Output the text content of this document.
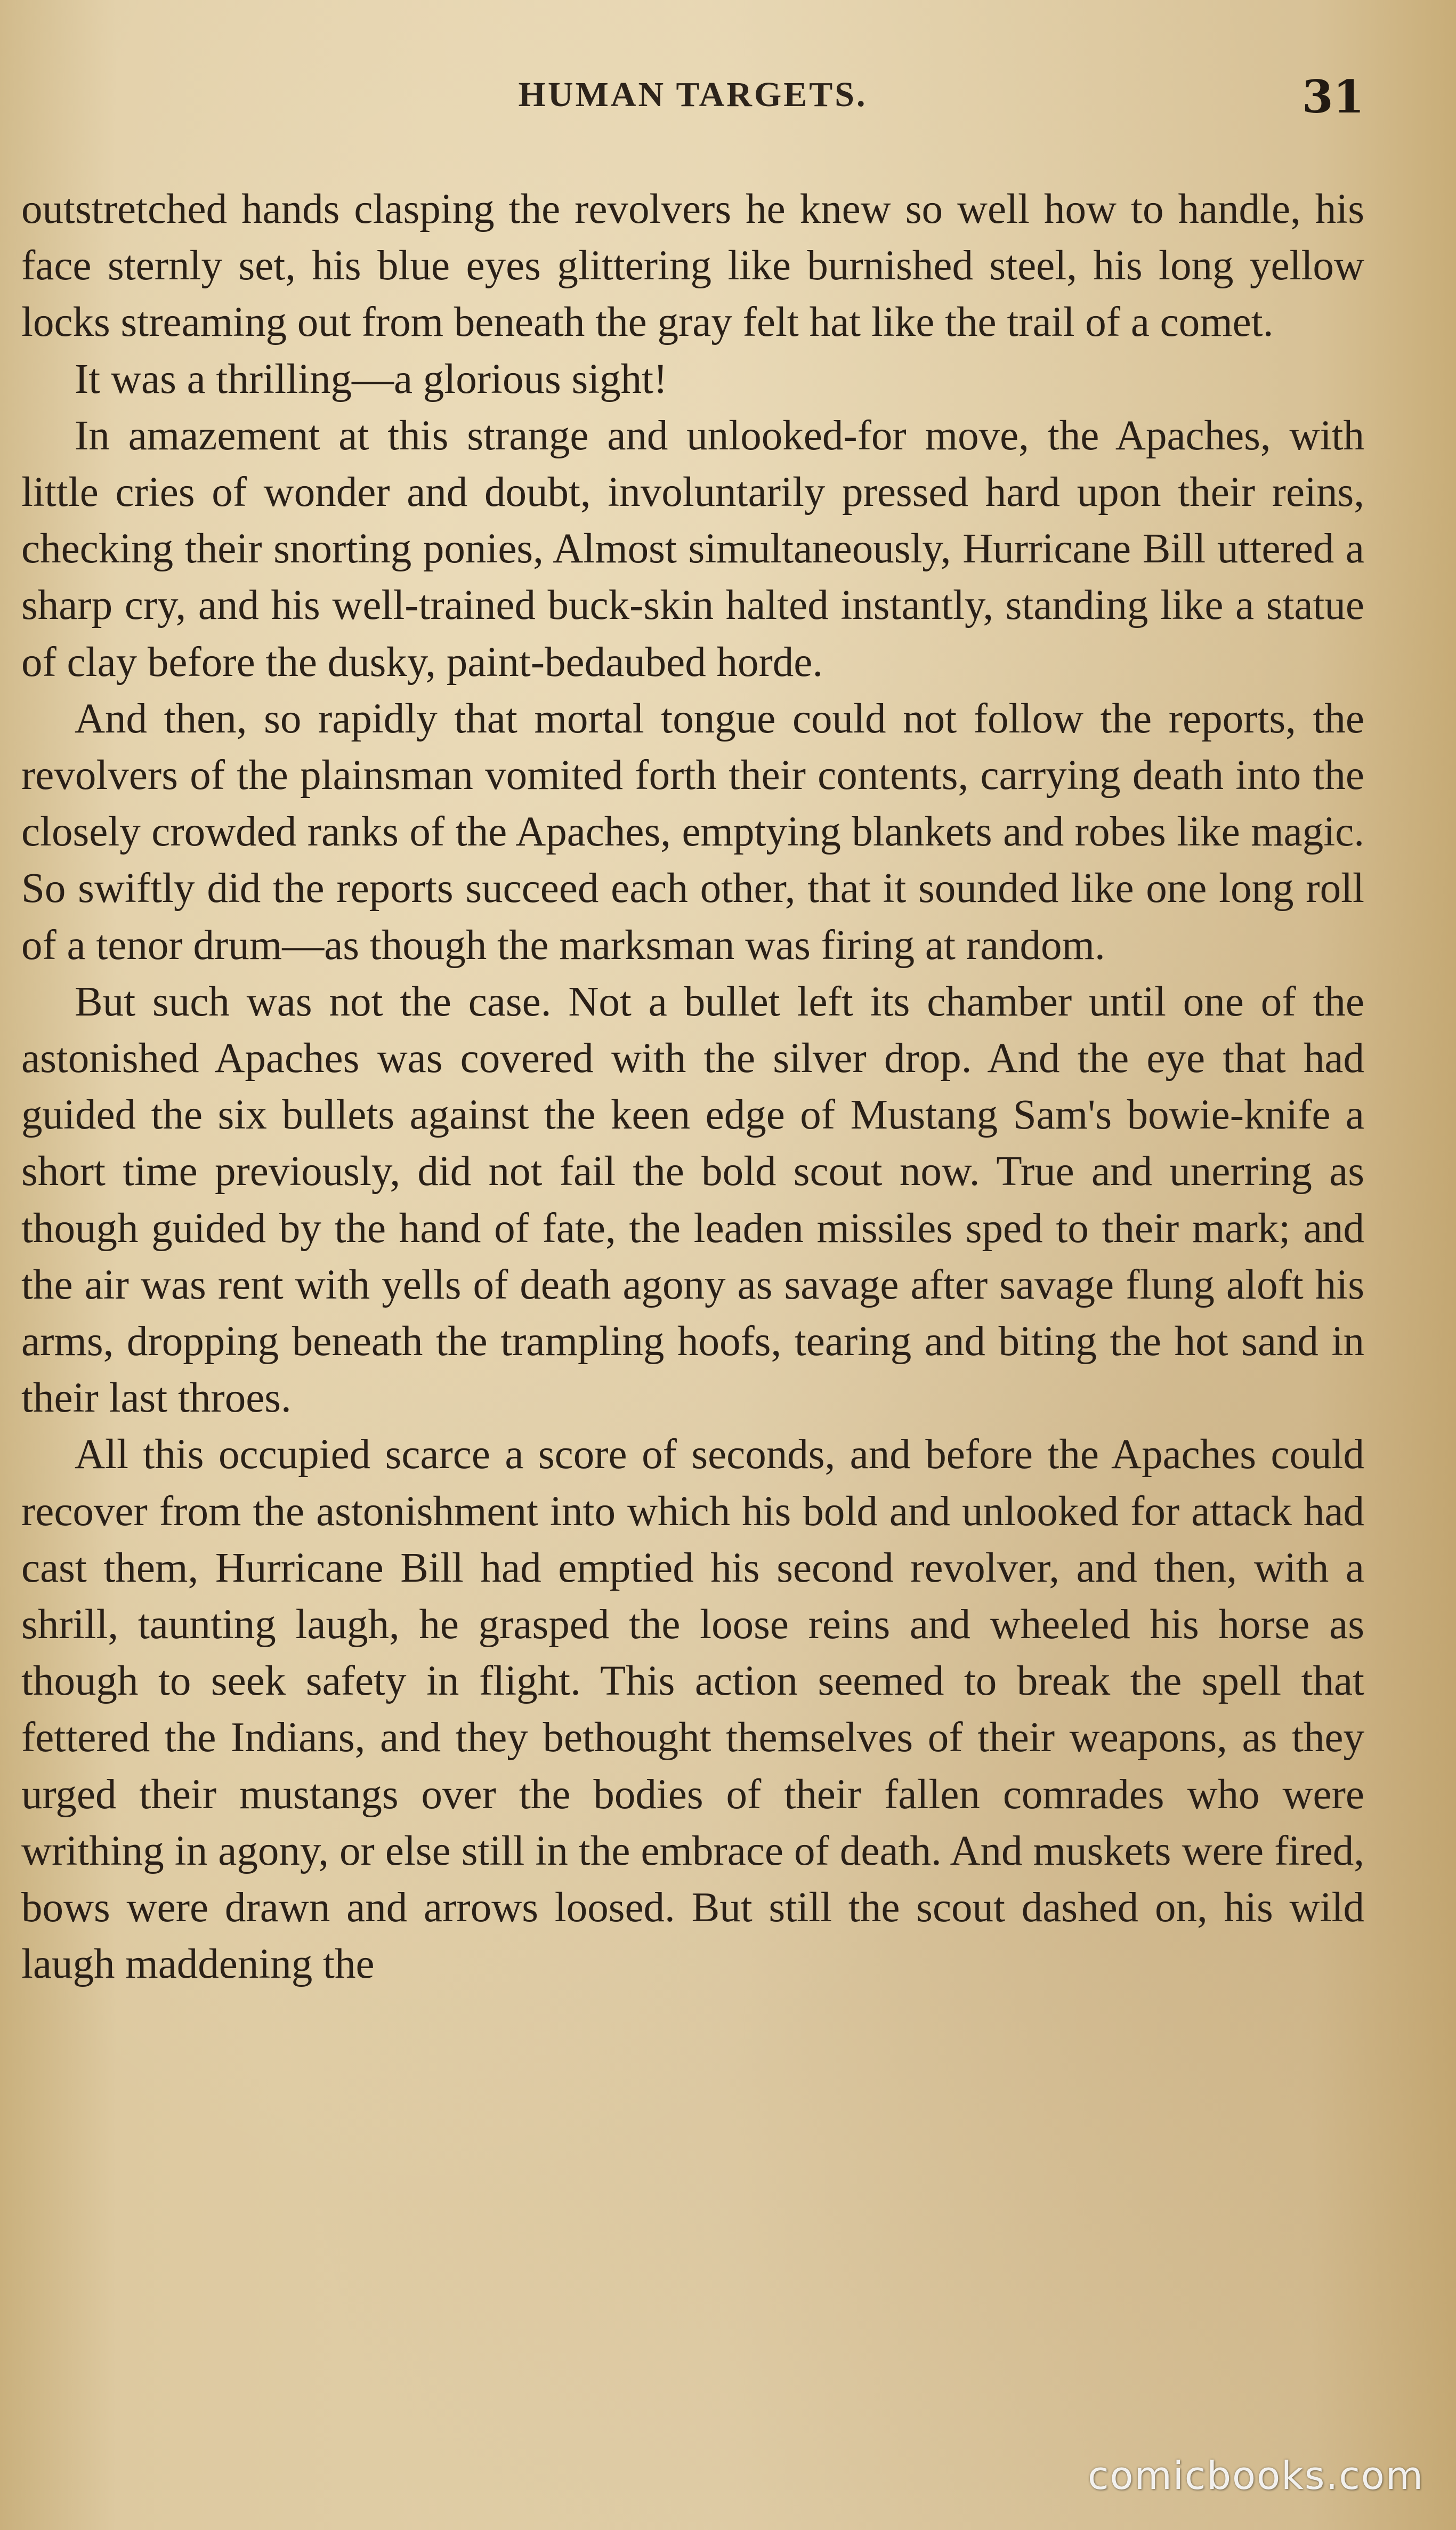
HUMAN TARGETS.	31

outstretched hands clasping the revolvers he knew so well how to handle, his face sternly set, his blue eyes glittering like burnished steel, his long yellow locks streaming out from beneath the gray felt hat like the trail of a comet.

It was a thrilling—a glorious sight!

In amazement at this strange and unlooked-for move, the Apaches, with little cries of wonder and doubt, involuntarily pressed hard upon their reins, checking their snorting ponies, Almost simultaneously, Hurricane Bill uttered a sharp cry, and his well-trained buck-skin halted instantly, standing like a statue of clay before the dusky, paint-bedaubed horde.

And then, so rapidly that mortal tongue could not follow the reports, the revolvers of the plainsman vomited forth their contents, carrying death into the closely crowded ranks of the Apaches, emptying blankets and robes like magic. So swiftly did the reports succeed each other, that it sounded like one long roll of a tenor drum—as though the marksman was firing at random.

But such was not the case. Not a bullet left its chamber until one of the astonished Apaches was covered with the silver drop. And the eye that had guided the six bullets against the keen edge of Mustang Sam's bowie-knife a short time previously, did not fail the bold scout now. True and unerring as though guided by the hand of fate, the leaden missiles sped to their mark; and the air was rent with yells of death agony as savage after savage flung aloft his arms, dropping beneath the trampling hoofs, tearing and biting the hot sand in their last throes.

All this occupied scarce a score of seconds, and before the Apaches could recover from the astonishment into which his bold and unlooked for attack had cast them, Hurricane Bill had emptied his second revolver, and then, with a shrill, taunting laugh, he grasped the loose reins and wheeled his horse as though to seek safety in flight. This action seemed to break the spell that fettered the Indians, and they bethought themselves of their weapons, as they urged their mustangs over the bodies of their fallen comrades who were writhing in agony, or else still in the embrace of death. And muskets were fired, bows were drawn and arrows loosed. But still the scout dashed on, his wild laugh maddening the

comicbooks.com
